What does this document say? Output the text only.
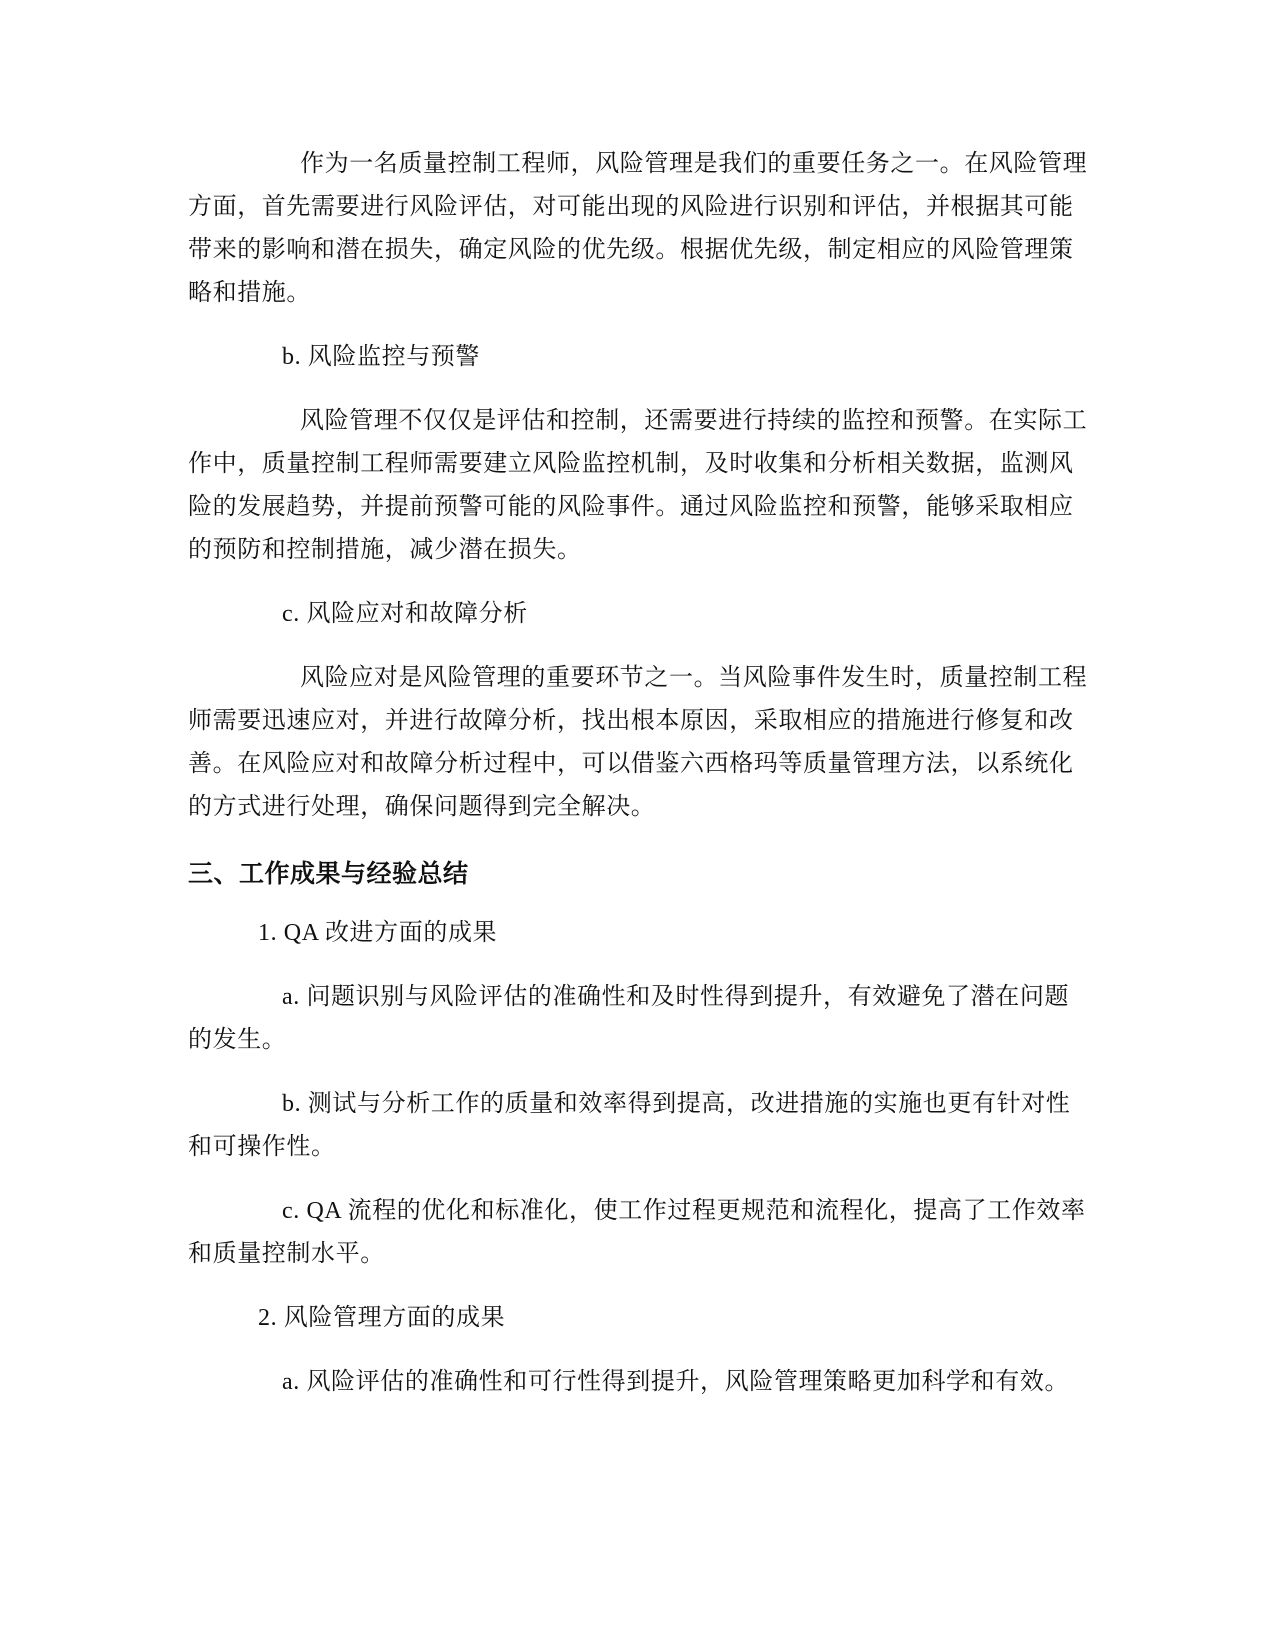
作为一名质量控制工程师，风险管理是我们的重要任务之一。在风险管理方面，首先需要进行风险评估，对可能出现的风险进行识别和评估，并根据其可能带来的影响和潜在损失，确定风险的优先级。根据优先级，制定相应的风险管理策略和措施。

b. 风险监控与预警

风险管理不仅仅是评估和控制，还需要进行持续的监控和预警。在实际工作中，质量控制工程师需要建立风险监控机制，及时收集和分析相关数据，监测风险的发展趋势，并提前预警可能的风险事件。通过风险监控和预警，能够采取相应的预防和控制措施，减少潜在损失。

c. 风险应对和故障分析

风险应对是风险管理的重要环节之一。当风险事件发生时，质量控制工程师需要迅速应对，并进行故障分析，找出根本原因，采取相应的措施进行修复和改善。在风险应对和故障分析过程中，可以借鉴六西格玛等质量管理方法，以系统化的方式进行处理，确保问题得到完全解决。

三、工作成果与经验总结

1. QA 改进方面的成果

a. 问题识别与风险评估的准确性和及时性得到提升，有效避免了潜在问题的发生。

b. 测试与分析工作的质量和效率得到提高，改进措施的实施也更有针对性和可操作性。

c. QA 流程的优化和标准化，使工作过程更规范和流程化，提高了工作效率和质量控制水平。

2. 风险管理方面的成果

a. 风险评估的准确性和可行性得到提升，风险管理策略更加科学和有效。
